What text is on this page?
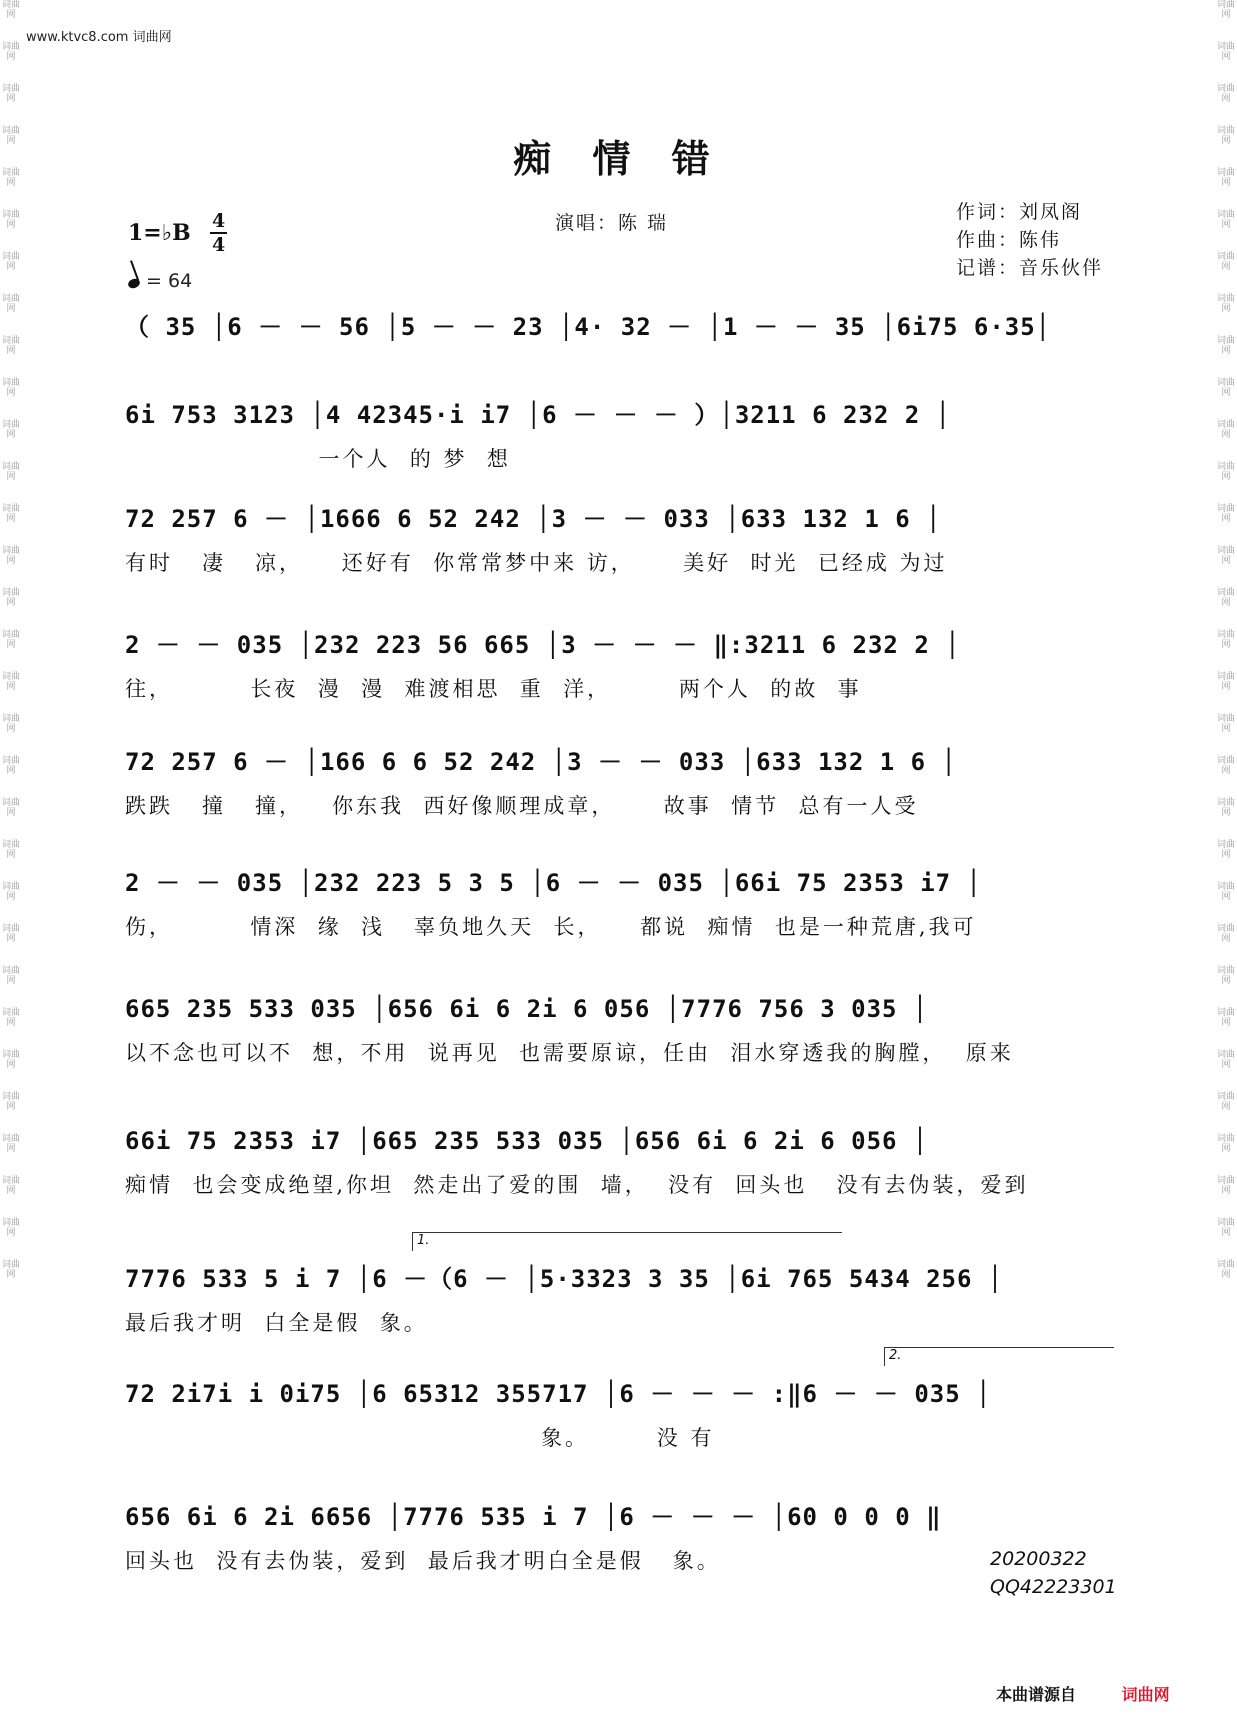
词曲网
词曲网
词曲网
词曲网
词曲网
词曲网
词曲网
词曲网
词曲网
词曲网
词曲网
词曲网
词曲网
词曲网
词曲网
词曲网
词曲网
词曲网
词曲网
词曲网
词曲网
词曲网
词曲网
词曲网
词曲网
词曲网
词曲网
词曲网
词曲网
词曲网
词曲网
词曲网
词曲网
词曲网
词曲网
词曲网
词曲网
词曲网
词曲网
词曲网
词曲网
词曲网
词曲网
词曲网
词曲网
词曲网
词曲网
词曲网
词曲网
词曲网
词曲网
词曲网
词曲网
词曲网
词曲网
词曲网
词曲网
词曲网
词曲网
词曲网
词曲网
词曲网
www.ktvc8.com 词曲网
痴 情 错
1=♭B 4
4
= 64
演唱：陈 瑞	作词：刘凤阁
作曲：陈伟
记谱：音乐伙伴
（ 35 │6 － － 56 │5 － － 23 │4· 32 － │1 － － 35 │6i75 6·35│
6i 753 3123 │4 42345·i i7 │6 － － － ）│3211 6 232 2 │
一个人  的 梦  想
72 257 6 － │1666 6 52 242 │3 － － 033 │633 132 1 6 │
有时   凄   凉，    还好有  你常常梦中来 访，     美好  时光  已经成 为过
2 － － 035 │232 223 56 665 │3 － － － ‖:3211 6 232 2 │
往，        长夜  漫  漫  难渡相思  重  洋，       两个人  的故  事
72 257 6 － │166 6 6 52 242 │3 － － 033 │633 132 1 6 │
跌跌   撞   撞，   你东我  西好像顺理成章，     故事  情节  总有一人受
2 － － 035 │232 223 5 3 5 │6 － － 035 │66i 75 2353 i7 │
伤，        情深  缘  浅   辜负地久天  长，    都说  痴情  也是一种荒唐,我可
665 235 533 035 │656 6i 6 2i 6 056 │7776 756 3 035 │
以不念也可以不  想，不用  说再见  也需要原谅，任由  泪水穿透我的胸膛，  原来
66i 75 2353 i7 │665 235 533 035 │656 6i 6 2i 6 056 │
痴情  也会变成绝望,你坦  然走出了爱的围  墙，  没有  回头也   没有去伪装，爱到
1.
7776 533 5 i 7 │6 －（6 － │5·3323 3 35 │6i 765 5434 256 │
最后我才明  白全是假  象。
2.
72 2i7i i 0i75 │6 65312 355717 │6 － － － :‖6 － － 035 │
象。       没 有
656 6i 6 2i 6656 │7776 535 i 7 │6 － － － │60 0 0 0 ‖
回头也  没有去伪装，爱到  最后我才明白全是假   象。	20200322
QQ42223301
本曲谱源自	词曲网
